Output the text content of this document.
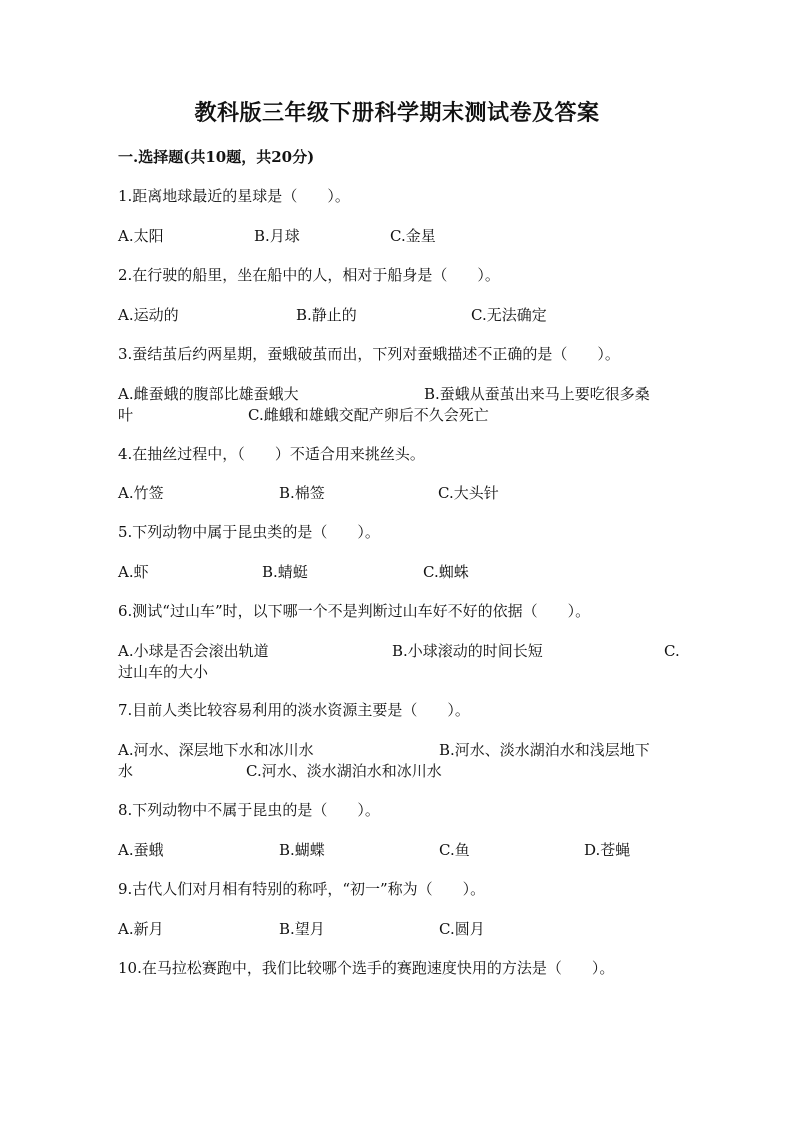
教科版三年级下册科学期末测试卷及答案
一.选择题(共10题，共20分)
1.距离地球最近的星球是（　　）。
A.太阳	B.月球	C.金星
2.在行驶的船里，坐在船中的人，相对于船身是（　　）。
A.运动的	B.静止的	C.无法确定
3.蚕结茧后约两星期，蚕蛾破茧而出，下列对蚕蛾描述不正确的是（　　）。
A.雌蚕蛾的腹部比雄蚕蛾大	B.蚕蛾从蚕茧出来马上要吃很多桑
叶	C.雌蛾和雄蛾交配产卵后不久会死亡
4.在抽丝过程中，（　　）不适合用来挑丝头。
A.竹签	B.棉签	C.大头针
5.下列动物中属于昆虫类的是（　　）。
A.虾	B.蜻蜓	C.蜘蛛
6.测试“过山车”时，以下哪一个不是判断过山车好不好的依据（　　）。
A.小球是否会滚出轨道	B.小球滚动的时间长短	C.
过山车的大小
7.目前人类比较容易利用的淡水资源主要是（　　）。
A.河水、深层地下水和冰川水	B.河水、淡水湖泊水和浅层地下
水	C.河水、淡水湖泊水和冰川水
8.下列动物中不属于昆虫的是（　　）。
A.蚕蛾	B.蝴蝶	C.鱼	D.苍蝇
9.古代人们对月相有特别的称呼，“初一”称为（　　）。
A.新月	B.望月	C.圆月
10.在马拉松赛跑中，我们比较哪个选手的赛跑速度快用的方法是（　　）。
